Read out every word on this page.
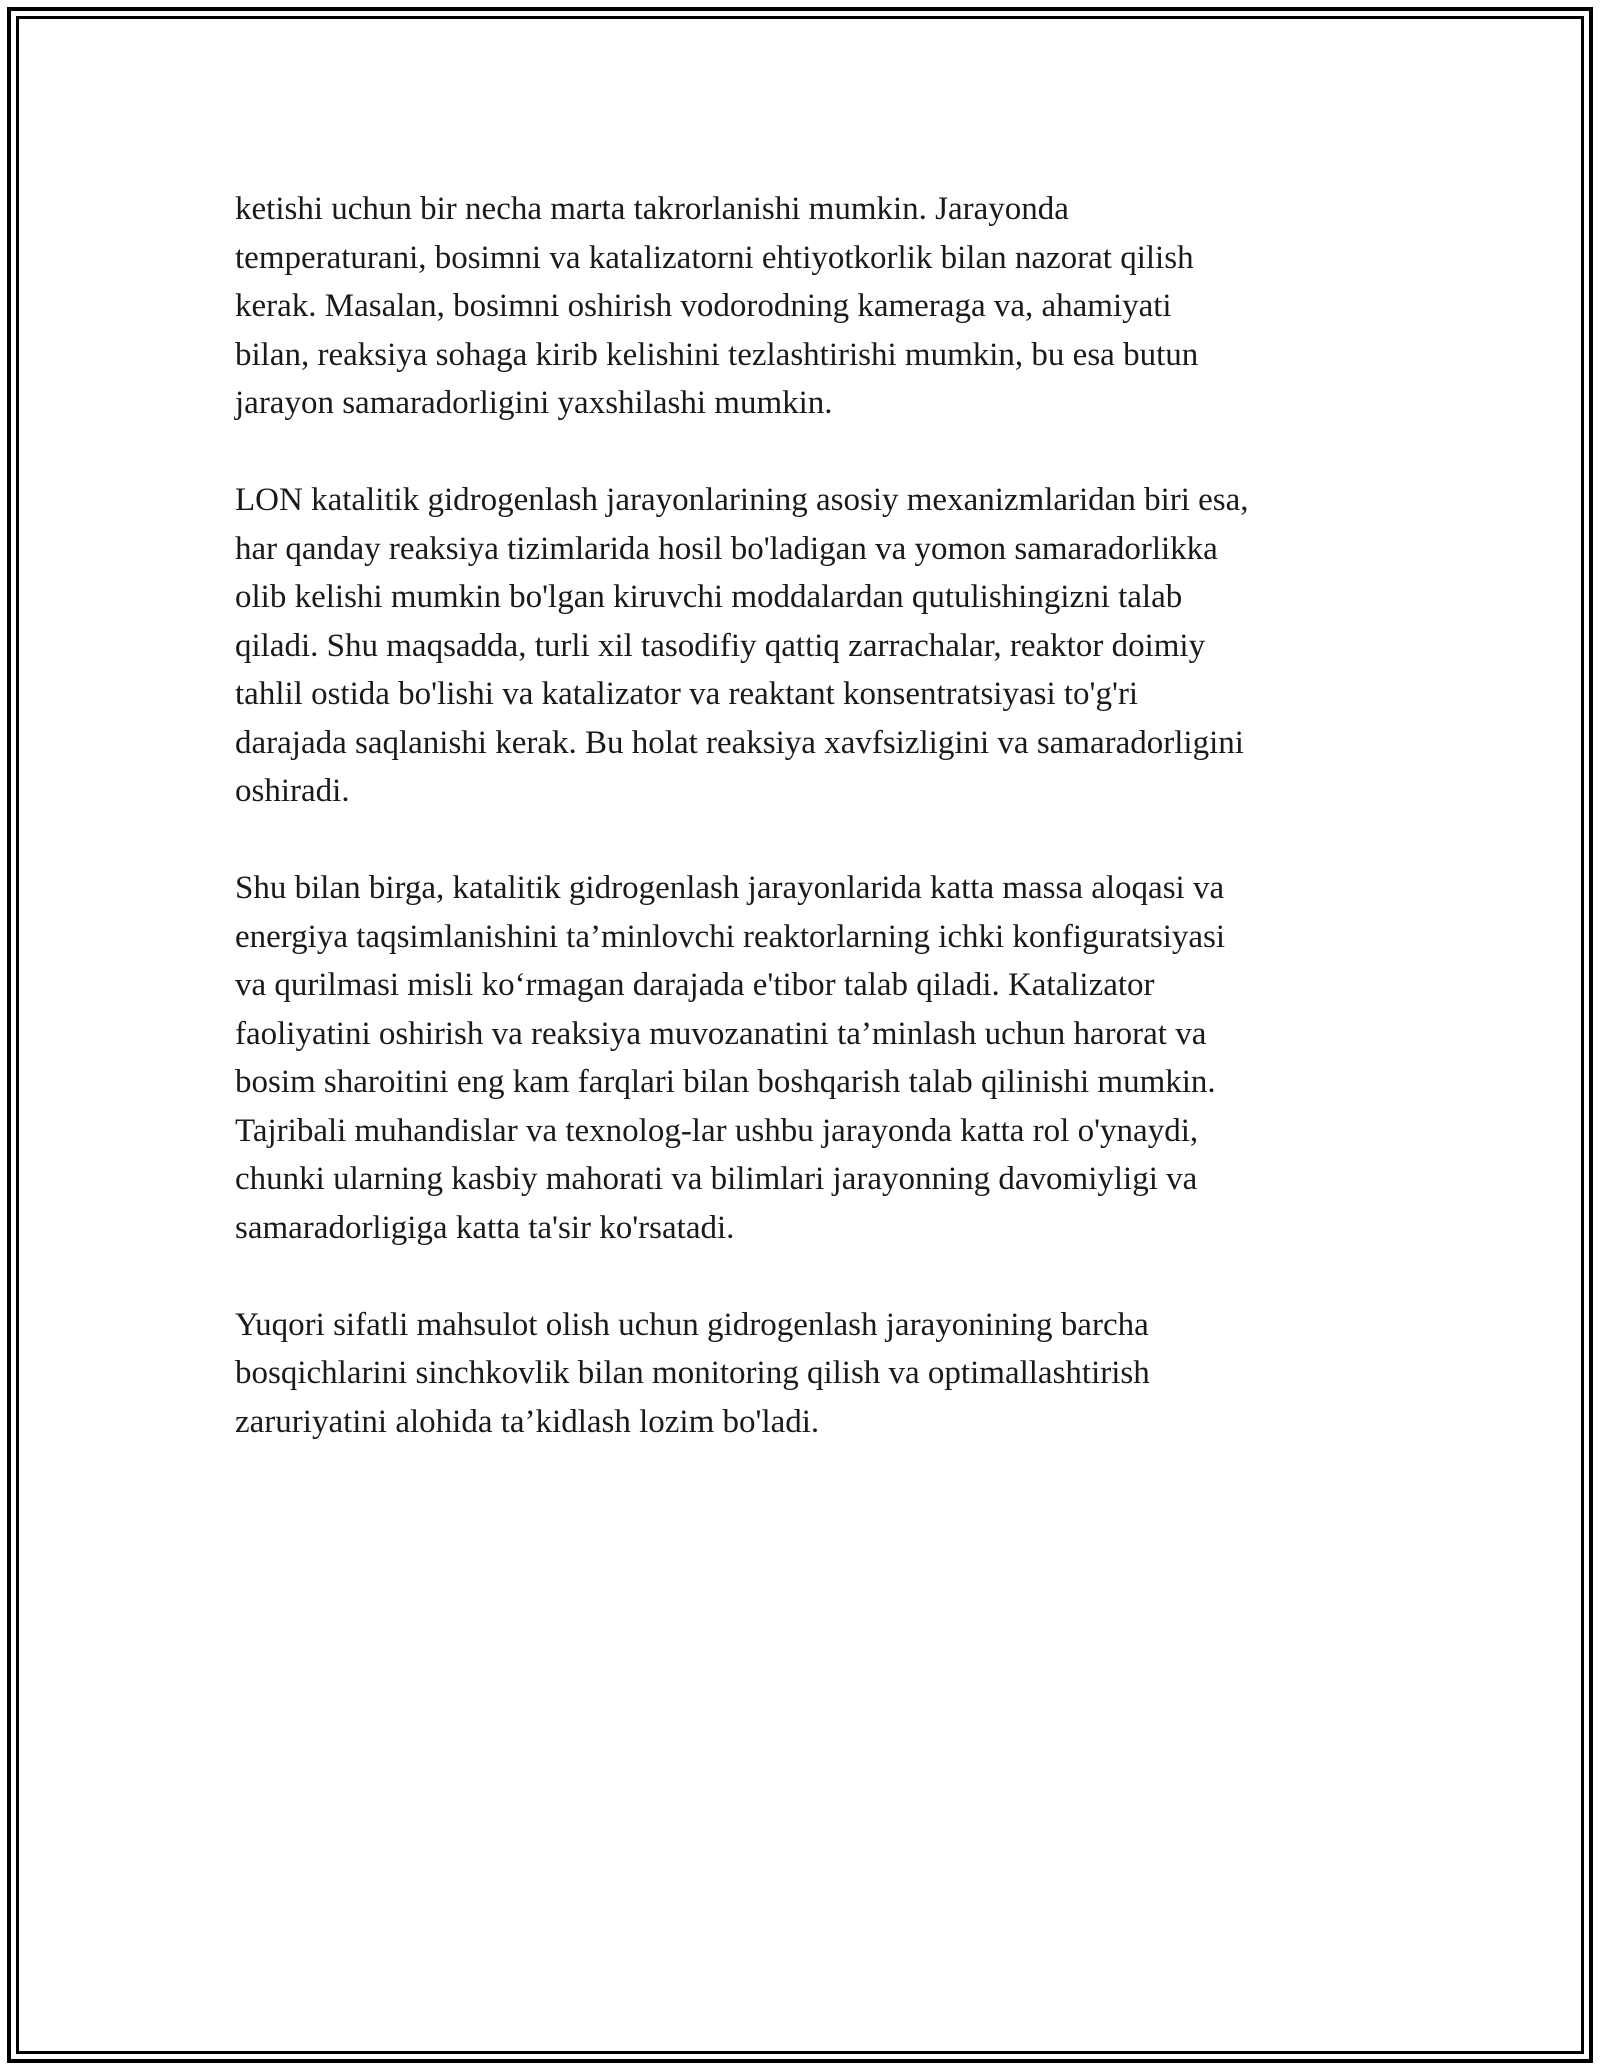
ketishi uchun bir necha marta takrorlanishi mumkin. Jarayonda
temperaturani, bosimni va katalizatorni ehtiyotkorlik bilan nazorat qilish
kerak. Masalan, bosimni oshirish vodorodning kameraga va, ahamiyati
bilan, reaksiya sohaga kirib kelishini tezlashtirishi mumkin, bu esa butun
jarayon samaradorligini yaxshilashi mumkin.

LON katalitik gidrogenlash jarayonlarining asosiy mexanizmlaridan biri esa,
har qanday reaksiya tizimlarida hosil bo'ladigan va yomon samaradorlikka
olib kelishi mumkin bo'lgan kiruvchi moddalardan qutulishingizni talab
qiladi. Shu maqsadda, turli xil tasodifiy qattiq zarrachalar, reaktor doimiy
tahlil ostida bo'lishi va katalizator va reaktant konsentratsiyasi to'g'ri
darajada saqlanishi kerak. Bu holat reaksiya xavfsizligini va samaradorligini
oshiradi.

Shu bilan birga, katalitik gidrogenlash jarayonlarida katta massa aloqasi va
energiya taqsimlanishini ta’minlovchi reaktorlarning ichki konfiguratsiyasi
va qurilmasi misli ko‘rmagan darajada e'tibor talab qiladi. Katalizator
faoliyatini oshirish va reaksiya muvozanatini ta’minlash uchun harorat va
bosim sharoitini eng kam farqlari bilan boshqarish talab qilinishi mumkin.
Tajribali muhandislar va texnolog-lar ushbu jarayonda katta rol o'ynaydi,
chunki ularning kasbiy mahorati va bilimlari jarayonning davomiyligi va
samaradorligiga katta ta'sir ko'rsatadi.

Yuqori sifatli mahsulot olish uchun gidrogenlash jarayonining barcha
bosqichlarini sinchkovlik bilan monitoring qilish va optimallashtirish
zaruriyatini alohida ta’kidlash lozim bo'ladi.
